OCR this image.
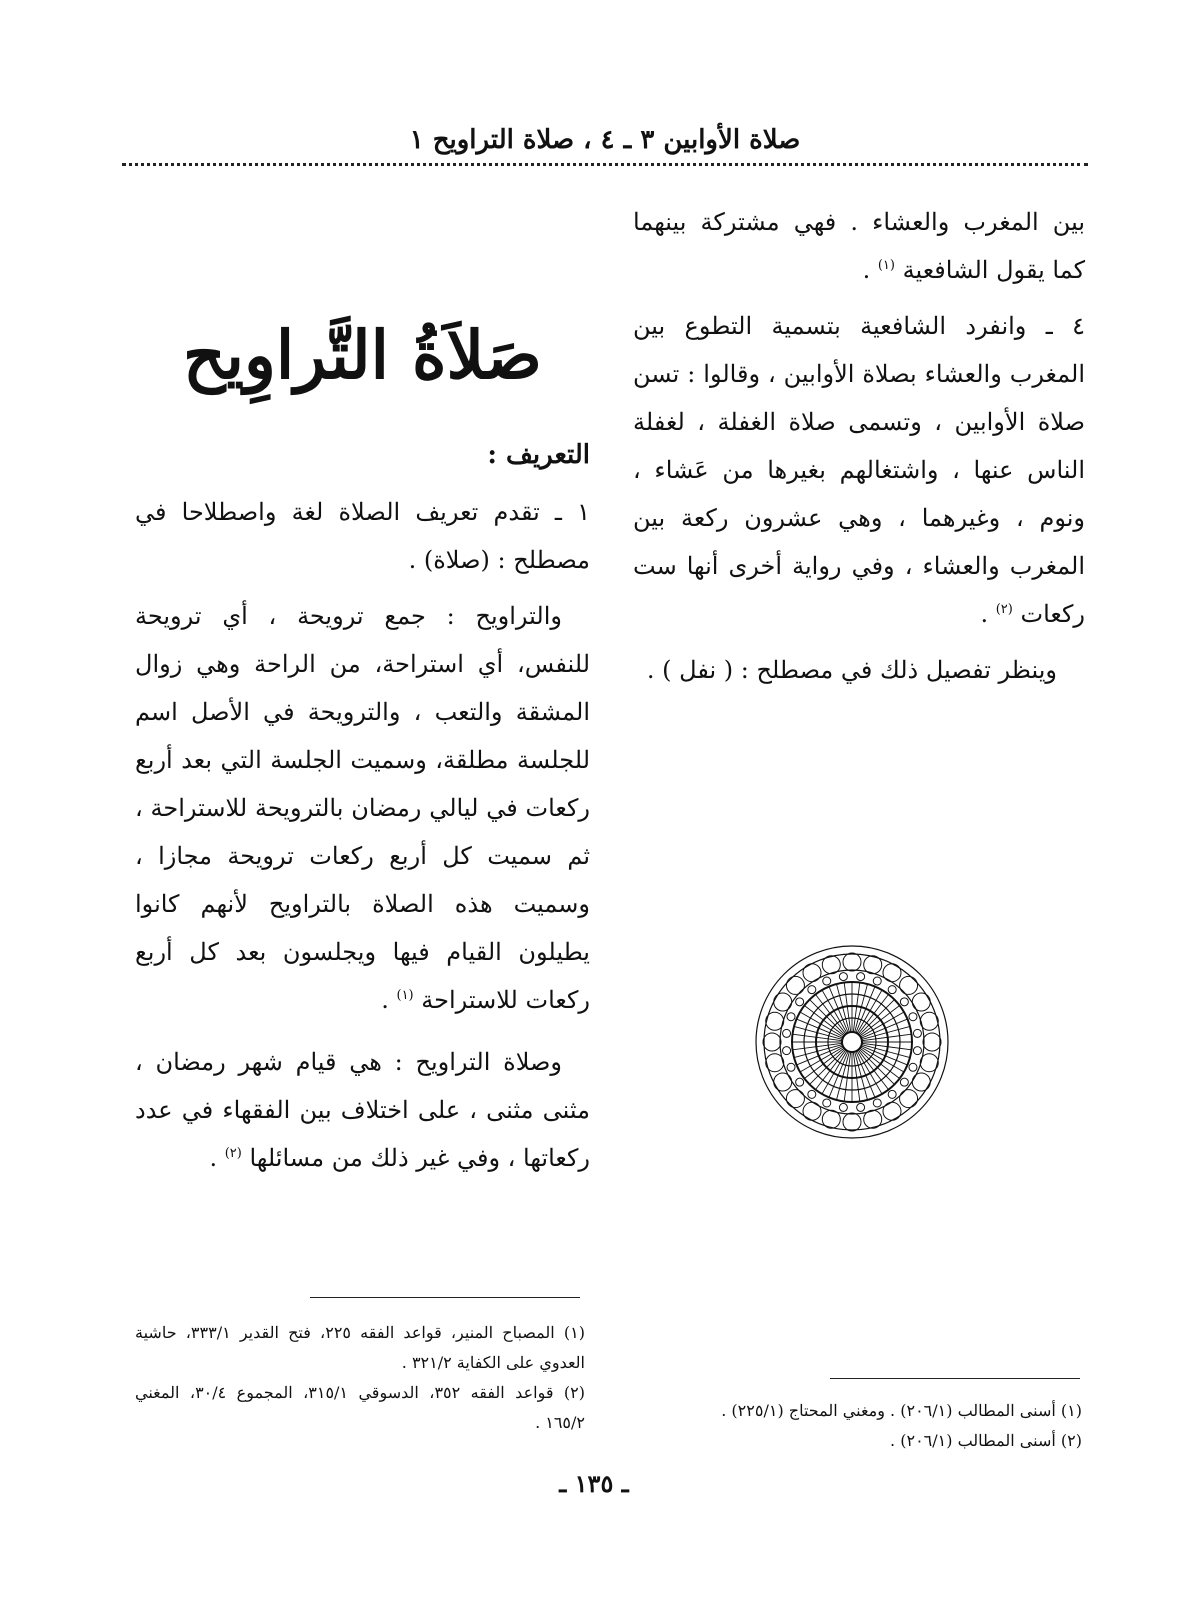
صلاة الأوابين ٣ ـ ٤ ، صلاة التراويح ١

بين المغرب والعشاء . فهي مشتركة بينهما كما يقول الشافعية $^{(١)}$ .

٤ ـ وانفرد الشافعية بتسمية التطوع بين المغرب والعشاء بصلاة الأوابين ، وقالوا : تسن صلاة الأوابين ، وتسمى صلاة الغفلة ، لغفلة الناس عنها ، واشتغالهم بغيرها من عَشاء ، ونوم ، وغيرهما ، وهي عشرون ركعة بين المغرب والعشاء ، وفي رواية أخرى أنها ست ركعات $^{(٢)}$ .

وينظر تفصيل ذلك في مصطلح : ( نفل ) .

صَلاَةُ التَّراوِيح
التعريف :

١ ـ تقدم تعريف الصلاة لغة واصطلاحا في مصطلح : (صلاة) .

والتراويح : جمع ترويحة ، أي ترويحة للنفس، أي استراحة، من الراحة وهي زوال المشقة والتعب ، والترويحة في الأصل اسم للجلسة مطلقة، وسميت الجلسة التي بعد أربع ركعات في ليالي رمضان بالترويحة للاستراحة ، ثم سميت كل أربع ركعات ترويحة مجازا ، وسميت هذه الصلاة بالتراويح لأنهم كانوا يطيلون القيام فيها ويجلسون بعد كل أربع ركعات للاستراحة $^{(١)}$ .

وصلاة التراويح : هي قيام شهر رمضان ، مثنى مثنى ، على اختلاف بين الفقهاء في عدد ركعاتها ، وفي غير ذلك من مسائلها $^{(٢)}$ .

(١) المصباح المنير، قواعد الفقه ٢٢٥، فتح القدير ٣٣٣/١، حاشية العدوي على الكفاية ٣٢١/٢ .
(٢) قواعد الفقه ٣٥٢، الدسوقي ٣١٥/١، المجموع ٣٠/٤، المغني ١٦٥/٢ .
(١) أسنى المطالب (٢٠٦/١) . ومغني المحتاج (٢٢٥/١) .
(٢) أسنى المطالب (٢٠٦/١) .
ـ ١٣٥ ـ
